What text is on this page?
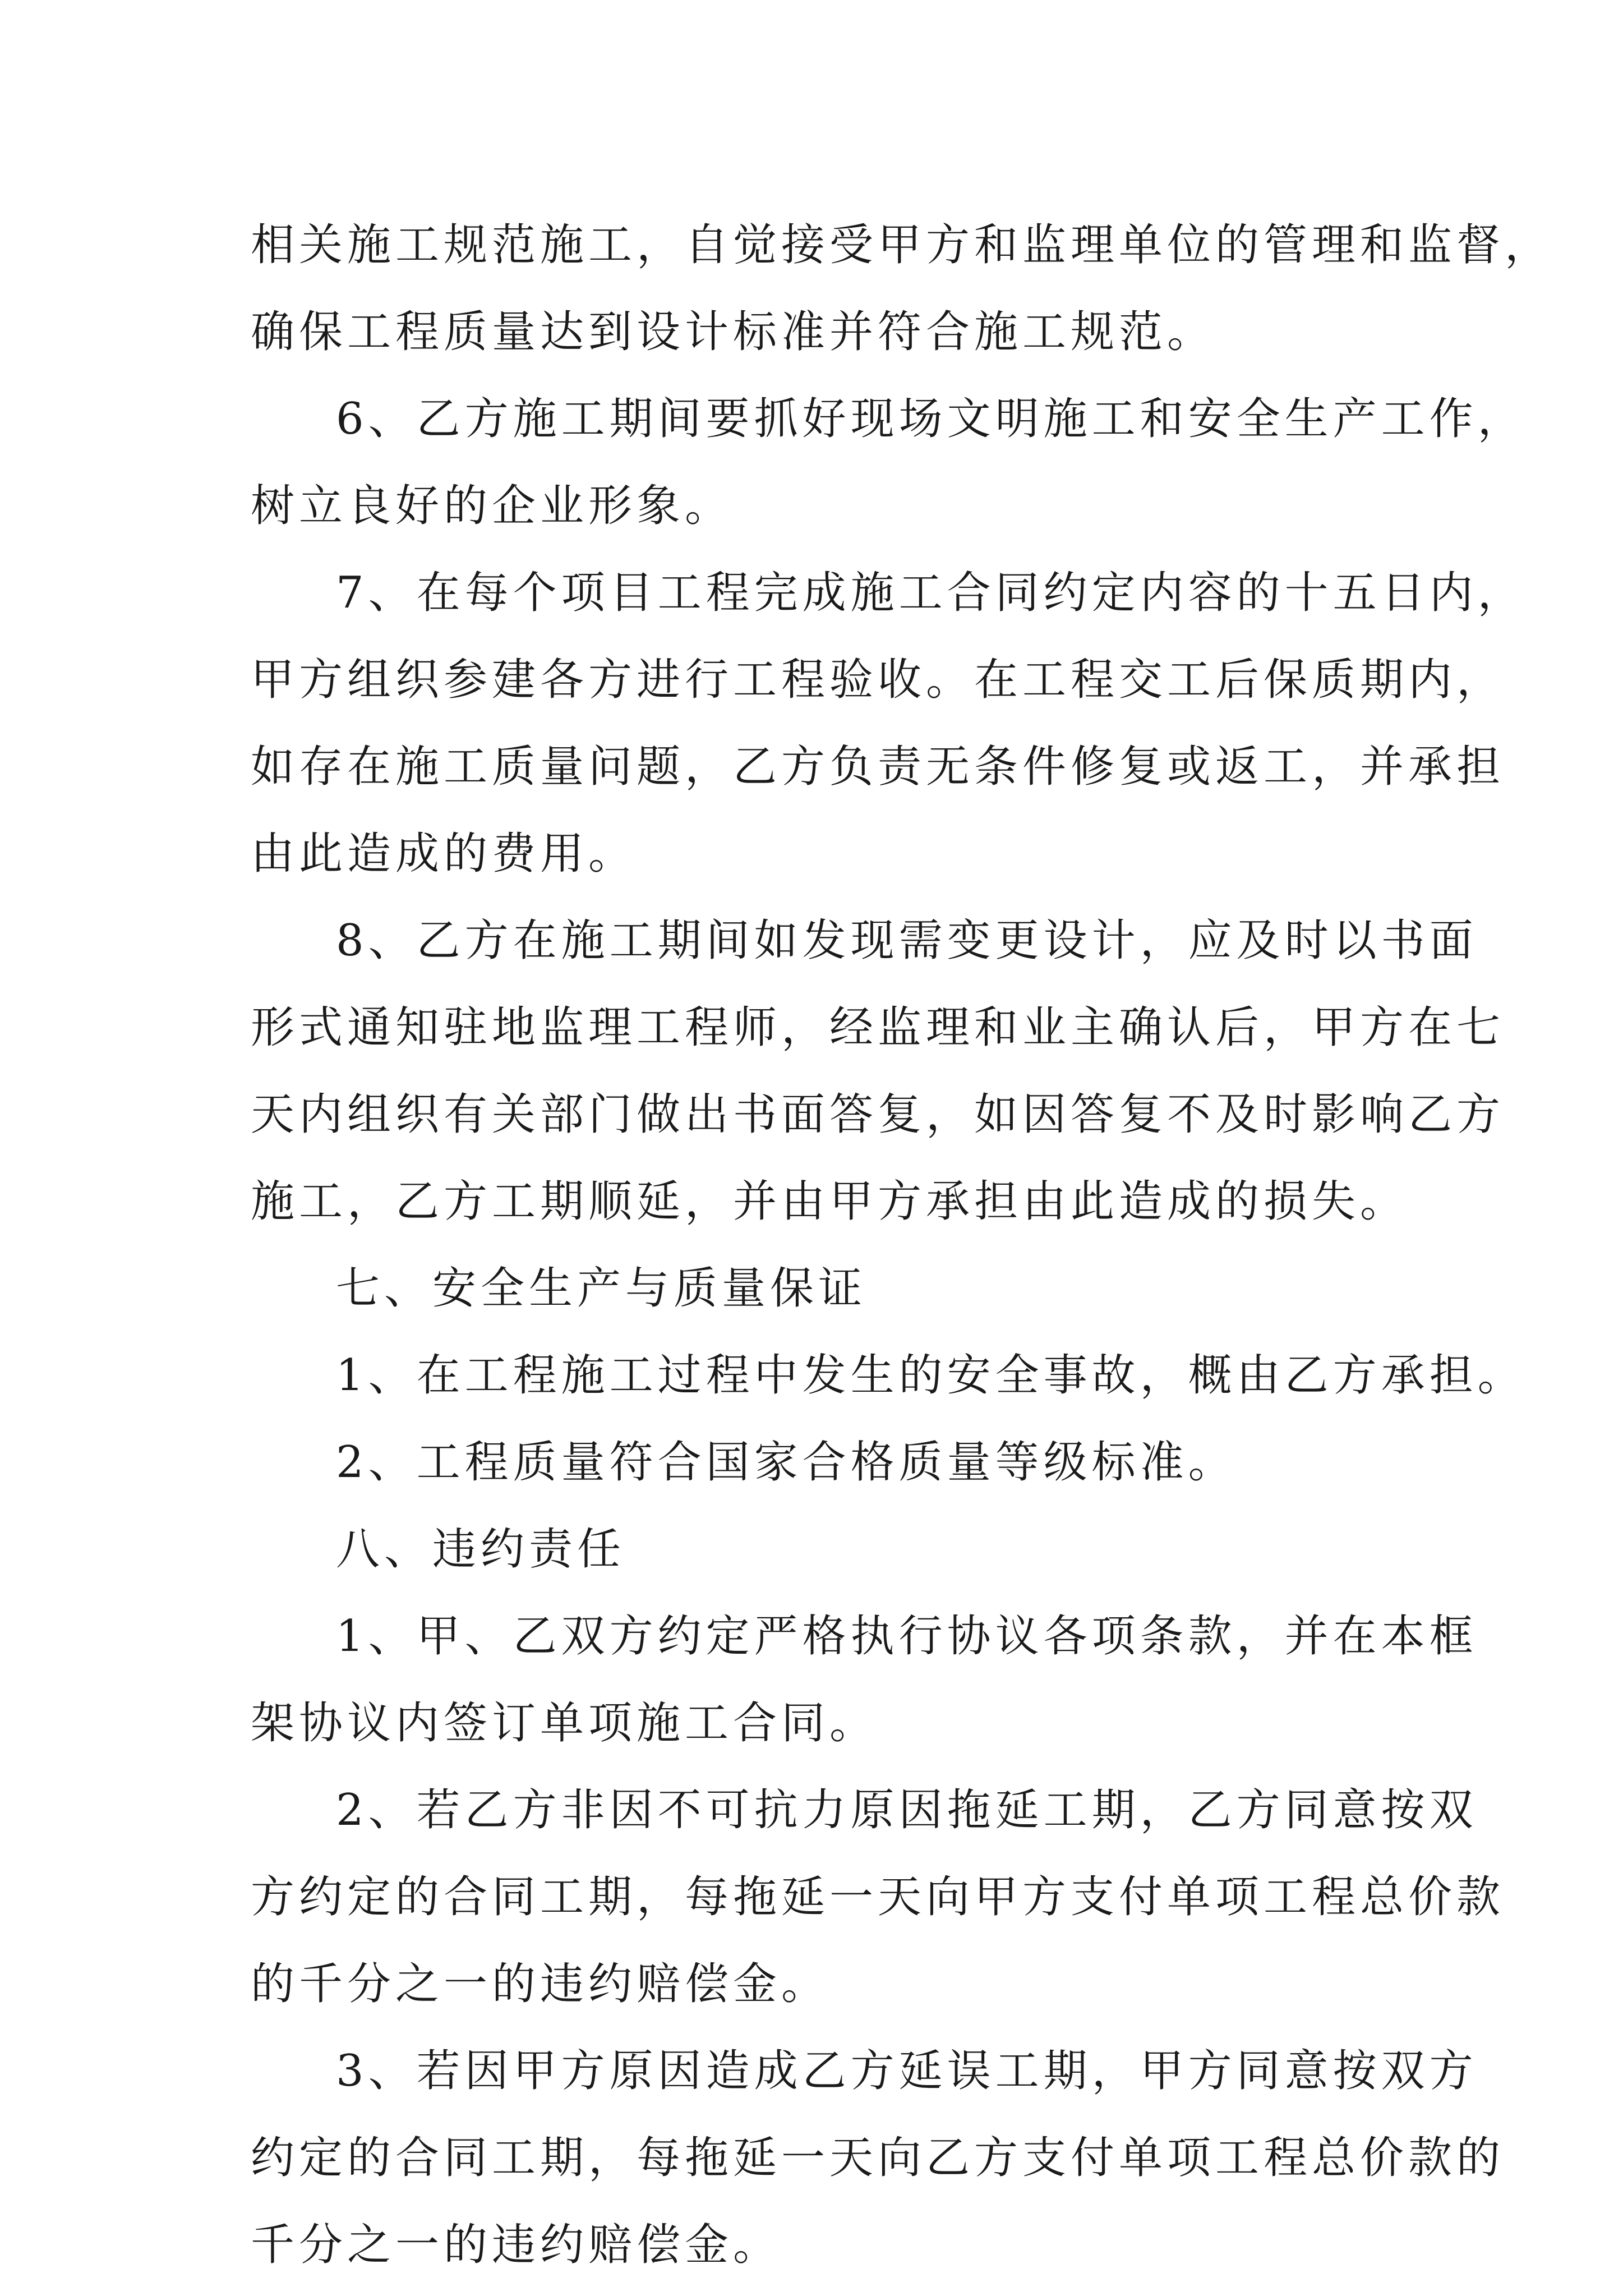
相关施工规范施工，自觉接受甲方和监理单位的管理和监督，
确保工程质量达到设计标准并符合施工规范。
6、乙方施工期间要抓好现场文明施工和安全生产工作，
树立良好的企业形象。
7、在每个项目工程完成施工合同约定内容的十五日内，
甲方组织参建各方进行工程验收。在工程交工后保质期内，
如存在施工质量问题，乙方负责无条件修复或返工，并承担
由此造成的费用。
8、乙方在施工期间如发现需变更设计，应及时以书面
形式通知驻地监理工程师，经监理和业主确认后，甲方在七
天内组织有关部门做出书面答复，如因答复不及时影响乙方
施工，乙方工期顺延，并由甲方承担由此造成的损失。
七、安全生产与质量保证
1、在工程施工过程中发生的安全事故，概由乙方承担。
2、工程质量符合国家合格质量等级标准。
八、违约责任
1、甲、乙双方约定严格执行协议各项条款，并在本框
架协议内签订单项施工合同。
2、若乙方非因不可抗力原因拖延工期，乙方同意按双
方约定的合同工期，每拖延一天向甲方支付单项工程总价款
的千分之一的违约赔偿金。
3、若因甲方原因造成乙方延误工期，甲方同意按双方
约定的合同工期，每拖延一天向乙方支付单项工程总价款的
千分之一的违约赔偿金。
